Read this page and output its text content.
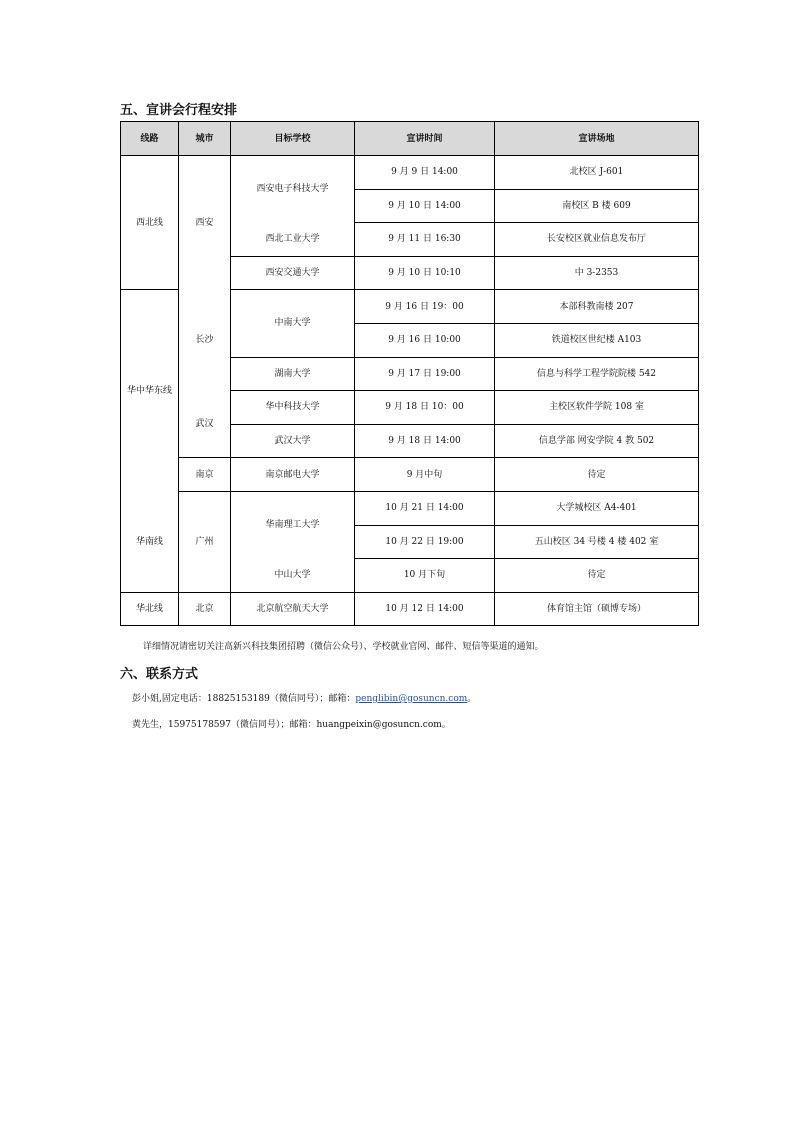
五、宣讲会行程安排
线路	城市	目标学校	宣讲时间	宣讲场地
西北线	西安	西安电子科技大学	9 月 9 日 14:00	北校区 J-601
			9 月 10 日 14:00	南校区 B 楼 609
		西北工业大学	9 月 11 日 16:30	长安校区就业信息发布厅
		西安交通大学	9 月 10 日 10:10	中 3-2353
华中华东线	长沙	中南大学	9 月 16 日 19：00	本部科教南楼 207
			9 月 16 日 10:00	铁道校区世纪楼 A103
		湖南大学	9 月 17 日 19:00	信息与科学工程学院院楼 542
	武汉	华中科技大学	9 月 18 日 10：00	主校区软件学院 108 室
		武汉大学	9 月 18 日 14:00	信息学部 网安学院 4 教 502
	南京	南京邮电大学	9 月中旬	待定
华南线	广州	华南理工大学	10 月 21 日 14:00	大学城校区 A4-401
			10 月 22 日 19:00	五山校区 34 号楼 4 楼 402 室
		中山大学	10 月下旬	待定
华北线	北京	北京航空航天大学	10 月 12 日 14:00	体育馆主馆（硕博专场）

详细情况请密切关注高新兴科技集团招聘（微信公众号）、学校就业官网、邮件、短信等渠道的通知。

六、联系方式

彭小姐,固定电话：18825153189（微信同号）；邮箱：penglibin@gosuncn.com。

黄先生，15975178597（微信同号）；邮箱：huangpeixin@gosuncn.com。
